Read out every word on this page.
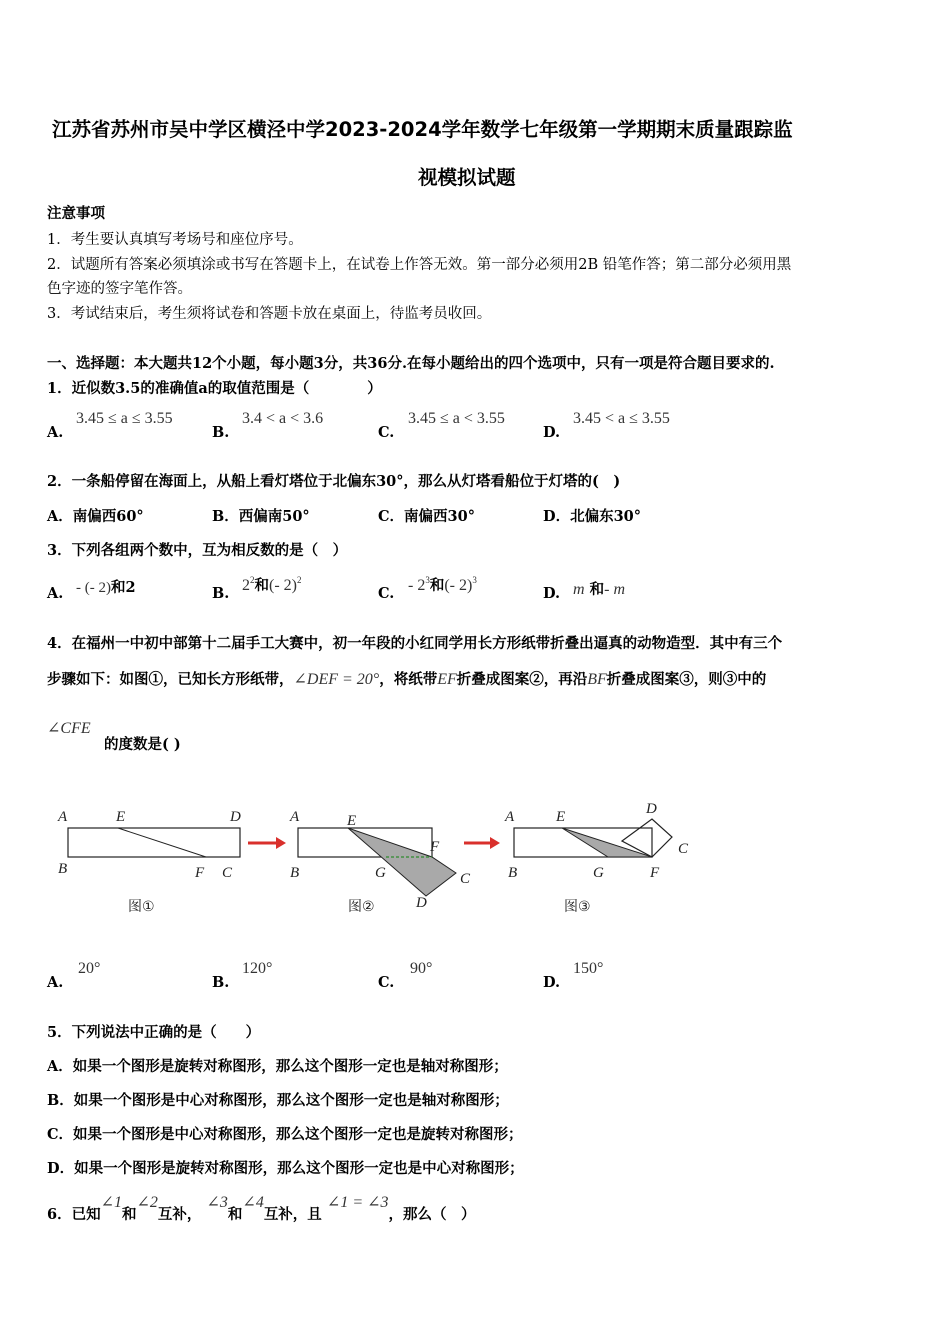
江苏省苏州市吴中学区横泾中学2023-2024学年数学七年级第一学期期末质量跟踪监
视模拟试题
注意事项
1．考生要认真填写考场号和座位序号。
2．试题所有答案必须填涂或书写在答题卡上，在试卷上作答无效。第一部分必须用2B 铅笔作答；第二部分必须用黑
色字迹的签字笔作答。
3．考试结束后，考生须将试卷和答题卡放在桌面上，待监考员收回。
一、选择题：本大题共12个小题，每小题3分，共36分.在每小题给出的四个选项中，只有一项是符合题目要求的.
1．近似数3.5的准确值a的取值范围是（　　　　）
A.
3.45 ≤ a ≤ 3.55
B.
3.4 < a < 3.6
C.
3.45 ≤ a < 3.55
D.
3.45 < a ≤ 3.55
2．一条船停留在海面上，从船上看灯塔位于北偏东30°，那么从灯塔看船位于灯塔的(　)
A．南偏西60°	B．西偏南50°	C．南偏西30°	D．北偏东30°
3．下列各组两个数中，互为相反数的是（　）
A. - (- 2)和2	B. $2^2$和(- 2)$^2$
C. - $2^3$和(- 2)$^3$
D. m 和- m
4．在福州一中初中部第十二届手工大赛中，初一年段的小红同学用长方形纸带折叠出逼真的动物造型．其中有三个
步骤如下：如图①，已知长方形纸带，∠DEF = 20°，将纸带EF折叠成图案②，再沿BF折叠成图案③，则③中的
∠CFE
的度数是( )
A	E	D
B	F C
图①
A	E
F
B	G	C
D
图②
A	E	D
C
B	G	F
图③
A.
20°
B.
120°
C.
90°
D.
150°
5．下列说法中正确的是（　　）
A．如果一个图形是旋转对称图形，那么这个图形一定也是轴对称图形；
B．如果一个图形是中心对称图形，那么这个图形一定也是轴对称图形；
C．如果一个图形是中心对称图形，那么这个图形一定也是旋转对称图形；
D．如果一个图形是旋转对称图形，那么这个图形一定也是中心对称图形；
6．已知∠1和∠2互补， ∠3和∠4互补，且 ∠1 = ∠3，那么（　）
